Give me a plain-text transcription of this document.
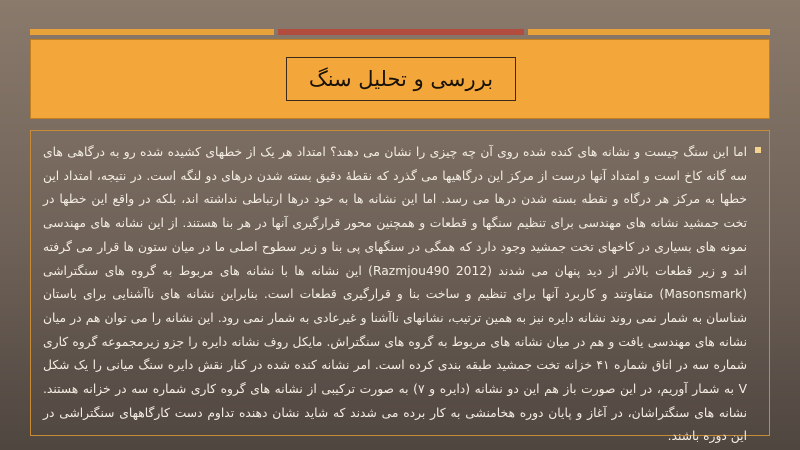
بررسی و تحلیل سنگ

اما این سنگ چیست و نشانه های کنده شده روی آن چه چیزی را نشان می دهند؟ امتداد هر یک از خطهای کشیده شده رو به درگاهی های سه گانه کاخ است و امتداد آنها درست از مرکز این درگاهیها می گذرد که نقطهٔ دقیق بسته شدن درهای دو لنگه است. در نتیجه، امتداد این خطها به مرکز هر درگاه و نقطه بسته شدن درها می رسد. اما این نشانه ها به خود درها ارتباطی نداشته اند، بلکه در واقع این خطها در تخت جمشید نشانه های مهندسی برای تنظیم سنگها و قطعات و همچنین محور قرارگیری آنها در هر بنا هستند. از این نشانه های مهندسی نمونه های بسیاری در کاخهای تخت جمشید وجود دارد که همگی در سنگهای پی بنا و زیر سطوح اصلی ما در میان ستون ها قرار می گرفته اند و زیر قطعات بالاتر از دید پنهان می شدند (Razmjou490 2012) این نشانه ها با نشانه های مربوط به گروه های سنگتراشی (Masonsmark) متفاوتند و کاربرد آنها برای تنظیم و ساخت بنا و قرارگیری قطعات است. بنابراین نشانه های ناآشنایی برای باستان شناسان به شمار نمی روند نشانه دایره نیز به همین ترتیب، نشانهای ناآشنا و غیرعادی به شمار نمی رود. این نشانه را می توان هم در میان نشانه های مهندسی یافت و هم در میان نشانه های مربوط به گروه های سنگتراش. مایکل روف نشانه دایره را جزو زیرمجموعه گروه کاری شماره سه در اتاق شماره ۴۱ خزانه تخت جمشید طبقه بندی کرده است. امر نشانه کنده شده در کنار نقش دایره سنگ میانی را یک شکل V به شمار آوریم، در این صورت باز هم این دو نشانه (دایره و ۷) به صورت ترکیبی از نشانه های گروه کاری شماره سه در خزانه هستند. نشانه های سنگتراشان، در آغاز و پایان دوره هخامنشی به کار برده می شدند که شاید نشان دهنده تداوم دست کارگاههای سنگتراشی در این دوره باشند.
